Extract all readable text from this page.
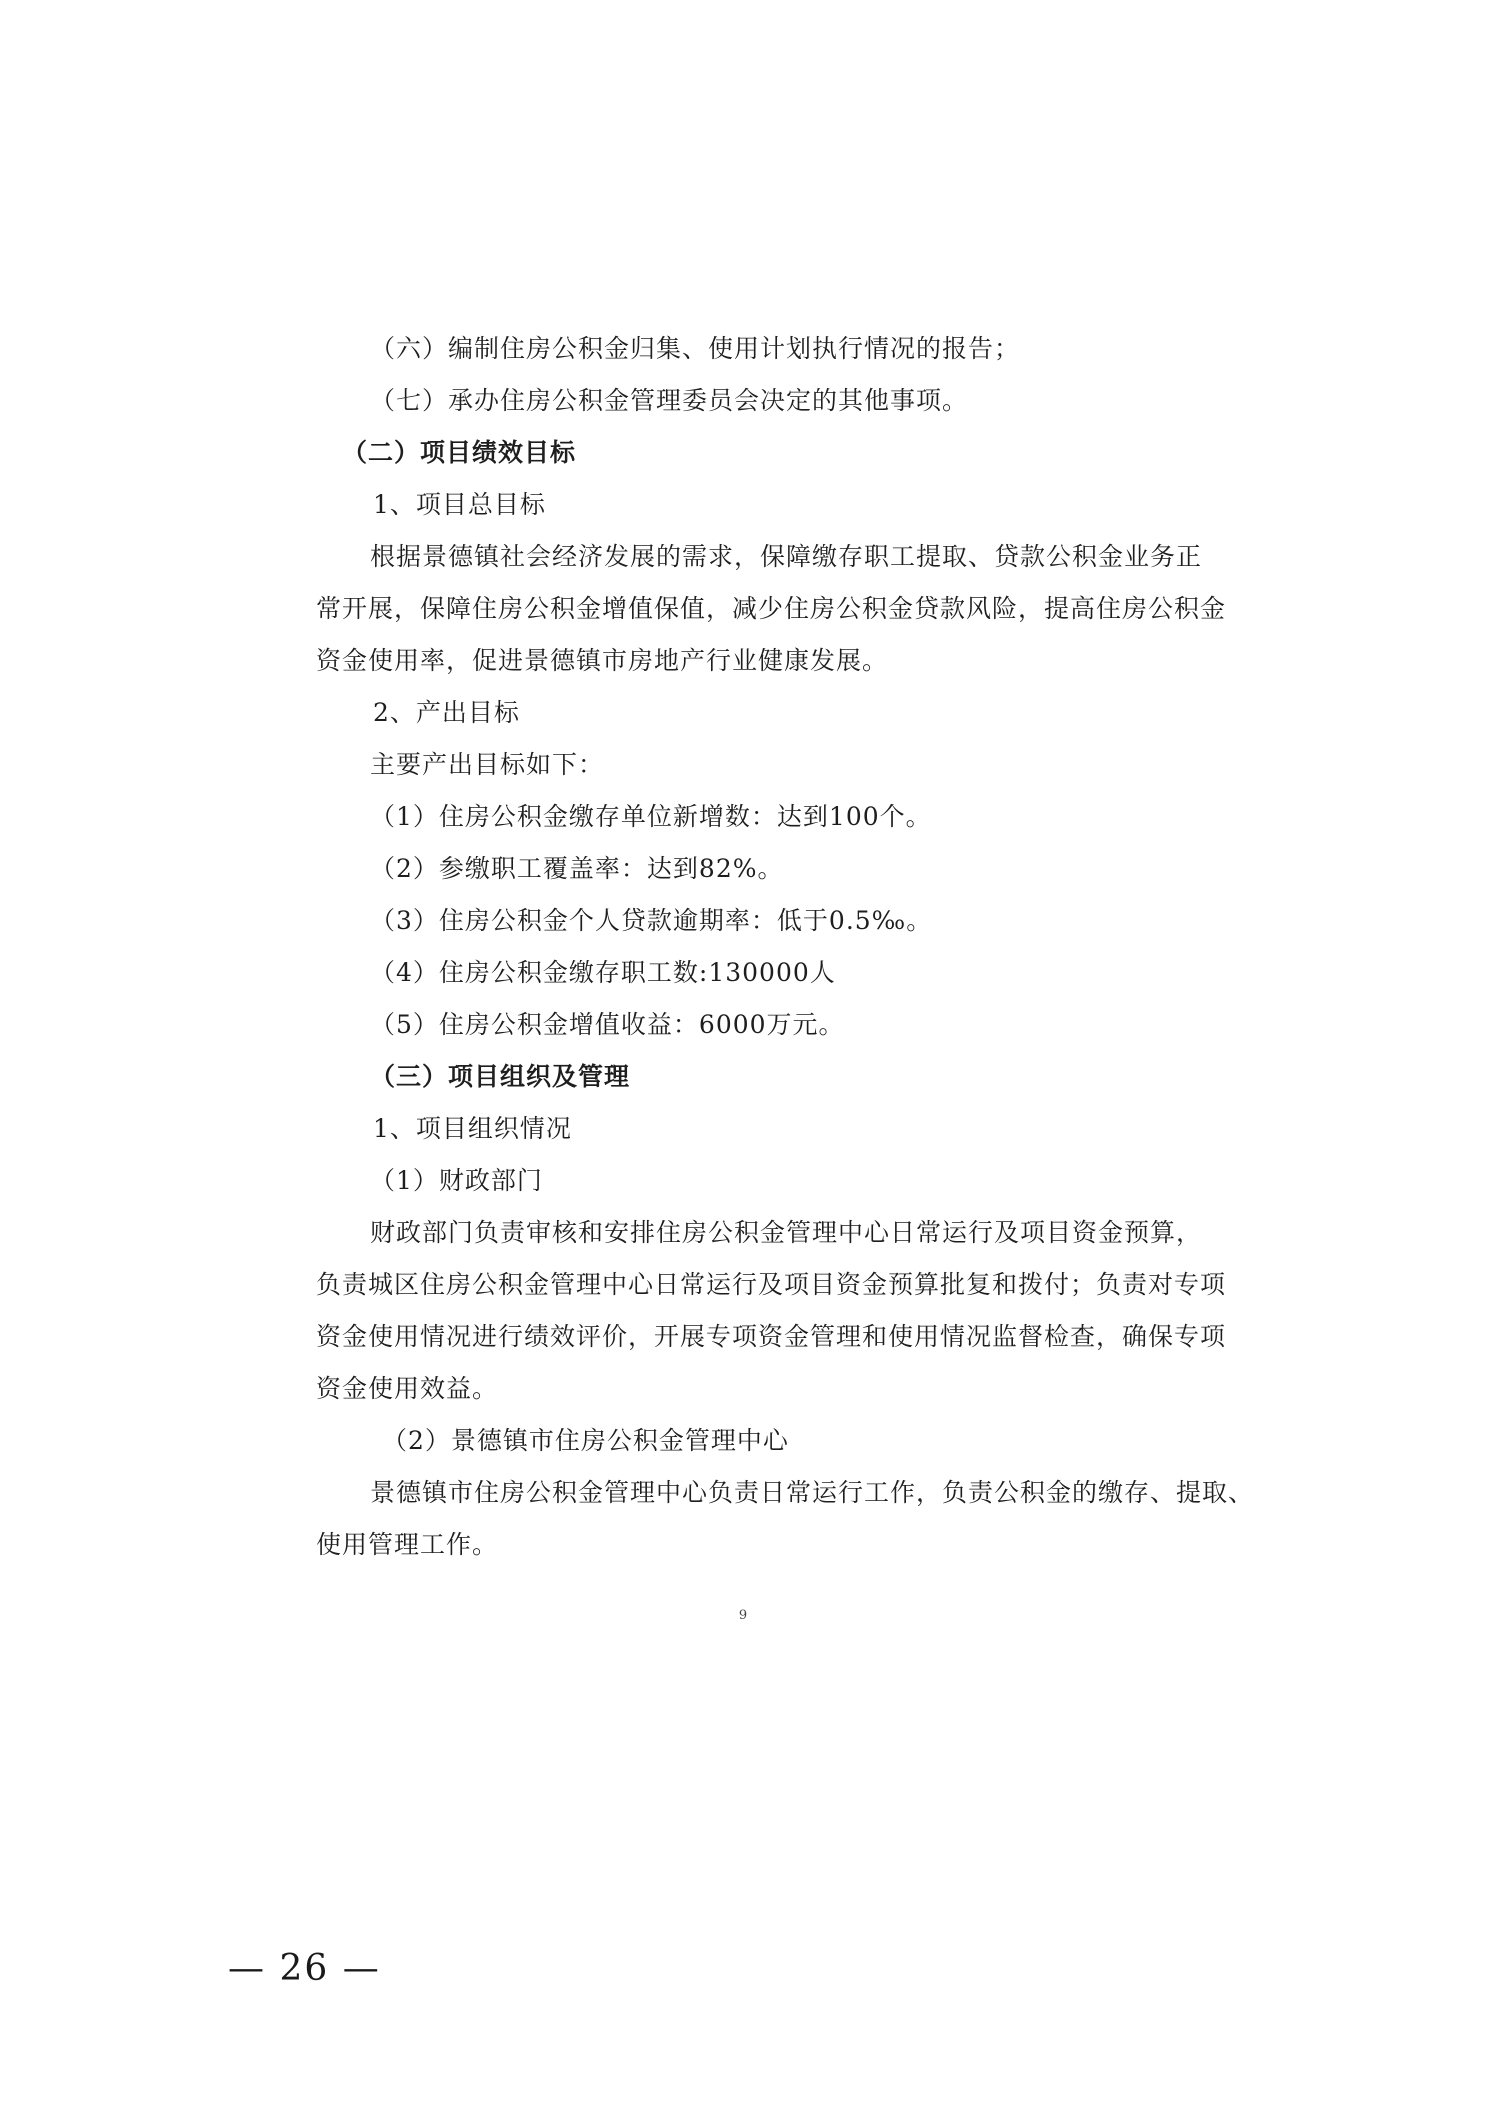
（六）编制住房公积金归集、使用计划执行情况的报告；
（七）承办住房公积金管理委员会决定的其他事项。
（二）项目绩效目标
1、项目总目标
根据景德镇社会经济发展的需求，保障缴存职工提取、贷款公积金业务正
常开展，保障住房公积金增值保值，减少住房公积金贷款风险，提高住房公积金
资金使用率，促进景德镇市房地产行业健康发展。
2、产出目标
主要产出目标如下：
（1）住房公积金缴存单位新增数：达到100个。
（2）参缴职工覆盖率：达到82%。
（3）住房公积金个人贷款逾期率：低于0.5‰。
（4）住房公积金缴存职工数:130000人
（5）住房公积金增值收益：6000万元。
（三）项目组织及管理
1、项目组织情况
（1）财政部门
财政部门负责审核和安排住房公积金管理中心日常运行及项目资金预算，
负责城区住房公积金管理中心日常运行及项目资金预算批复和拨付；负责对专项
资金使用情况进行绩效评价，开展专项资金管理和使用情况监督检查，确保专项
资金使用效益。
（2）景德镇市住房公积金管理中心
景德镇市住房公积金管理中心负责日常运行工作，负责公积金的缴存、提取、
使用管理工作。
9
— 26 —
